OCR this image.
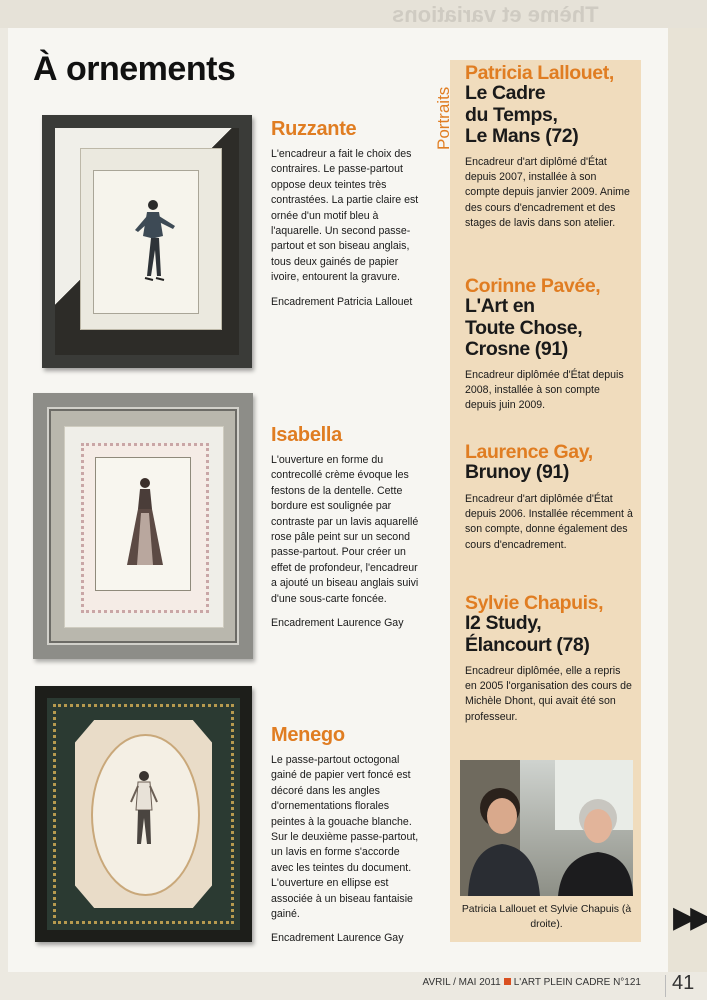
Thème et variations
À ornements
Ruzzante

L'encadreur a fait le choix des contraires. Le passe-partout oppose deux teintes très contrastées. La partie claire est ornée d'un motif bleu à l'aquarelle. Un second passe-partout et son biseau anglais, tous deux gainés de papier ivoire, entourent la gravure.

Encadrement Patricia Lallouet

Isabella

L'ouverture en forme du contrecollé crème évoque les festons de la dentelle. Cette bordure est soulignée par contraste par un lavis aquarellé rose pâle peint sur un second passe-partout. Pour créer un effet de profondeur, l'encadreur a ajouté un biseau anglais suivi d'une sous-carte foncée.

Encadrement Laurence Gay

Menego

Le passe-partout octogonal gainé de papier vert foncé est décoré dans les angles d'ornementations florales peintes à la gouache blanche. Sur le deuxième passe-partout, un lavis en forme s'accorde avec les teintes du document. L'ouverture en ellipse est associée à un biseau fantaisie gainé.

Encadrement Laurence Gay

Portraits
Patricia Lallouet,

Le Cadre
du Temps,
Le Mans (72)

Encadreur d'art diplômé d'État depuis 2007, installée à son compte depuis janvier 2009. Anime des cours d'encadrement et des stages de lavis dans son atelier.

Corinne Pavée,

L'Art en
Toute Chose,
Crosne (91)

Encadreur diplômée d'État depuis 2008, installée à son compte depuis juin 2009.

Laurence Gay,

Brunoy (91)

Encadreur d'art diplômée d'État depuis 2006. Installée récemment à son compte, donne également des cours d'encadrement.

Sylvie Chapuis,

I2 Study,
Élancourt (78)

Encadreur diplômée, elle a repris en 2005 l'organisation des cours de Michèle Dhont, qui avait été son professeur.

Patricia Lallouet et Sylvie Chapuis (à droite).	▶▶
AVRIL / MAI 2011 L'ART PLEIN CADRE N°121 41
